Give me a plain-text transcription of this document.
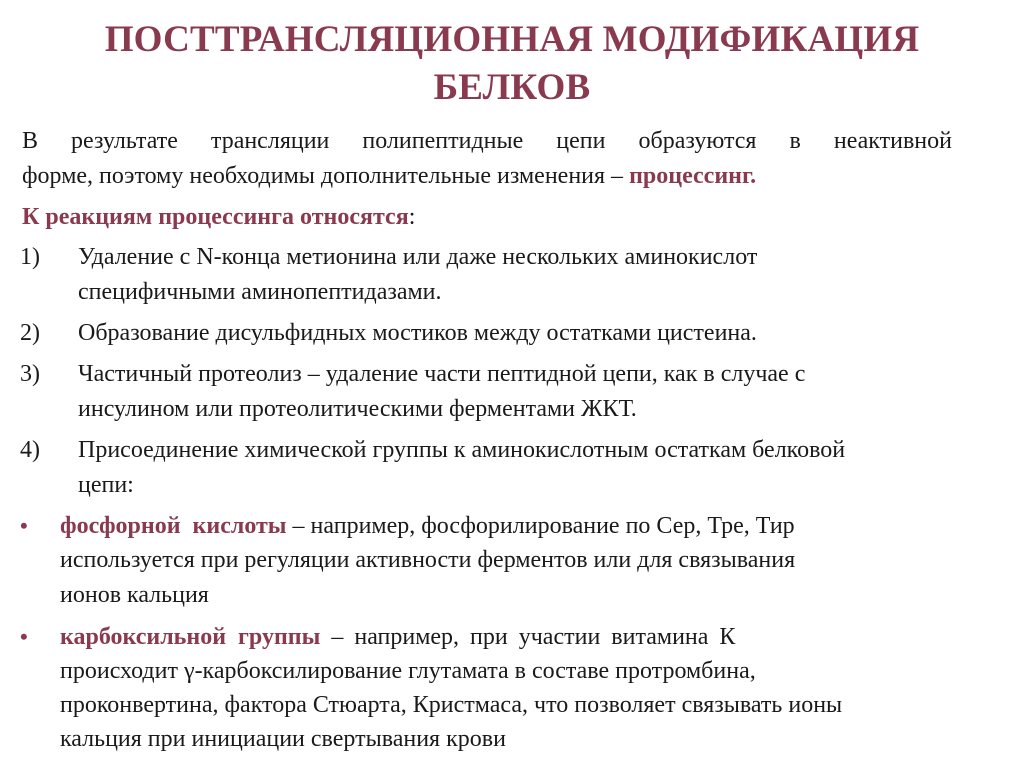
ПОСТТРАНСЛЯЦИОННАЯ МОДИФИКАЦИЯ
БЕЛКОВ
В результате трансляции полипептидные цепи образуются в неактивной
форме, поэтому необходимы дополнительные изменения – процессинг.
К реакциям процессинга относятся:
1) Удаление с N-конца метионина или даже нескольких аминокислот
специфичными аминопептидазами.
2) Образование дисульфидных мостиков между остатками цистеина.
3) Частичный протеолиз – удаление части пептидной цепи, как в случае с
инсулином или протеолитическими ферментами ЖКТ.
4) Присоединение химической группы к аминокислотным остаткам белковой
цепи:
• фосфорной кислоты – например, фосфорилирование по Сер, Тре, Тир
используется при регуляции активности ферментов или для связывания
ионов кальция
• карбоксильной группы – например, при участии витамина К
происходит γ-карбоксилирование глутамата в составе протромбина,
проконвертина, фактора Стюарта, Кристмаса, что позволяет связывать ионы
кальция при инициации свертывания крови
